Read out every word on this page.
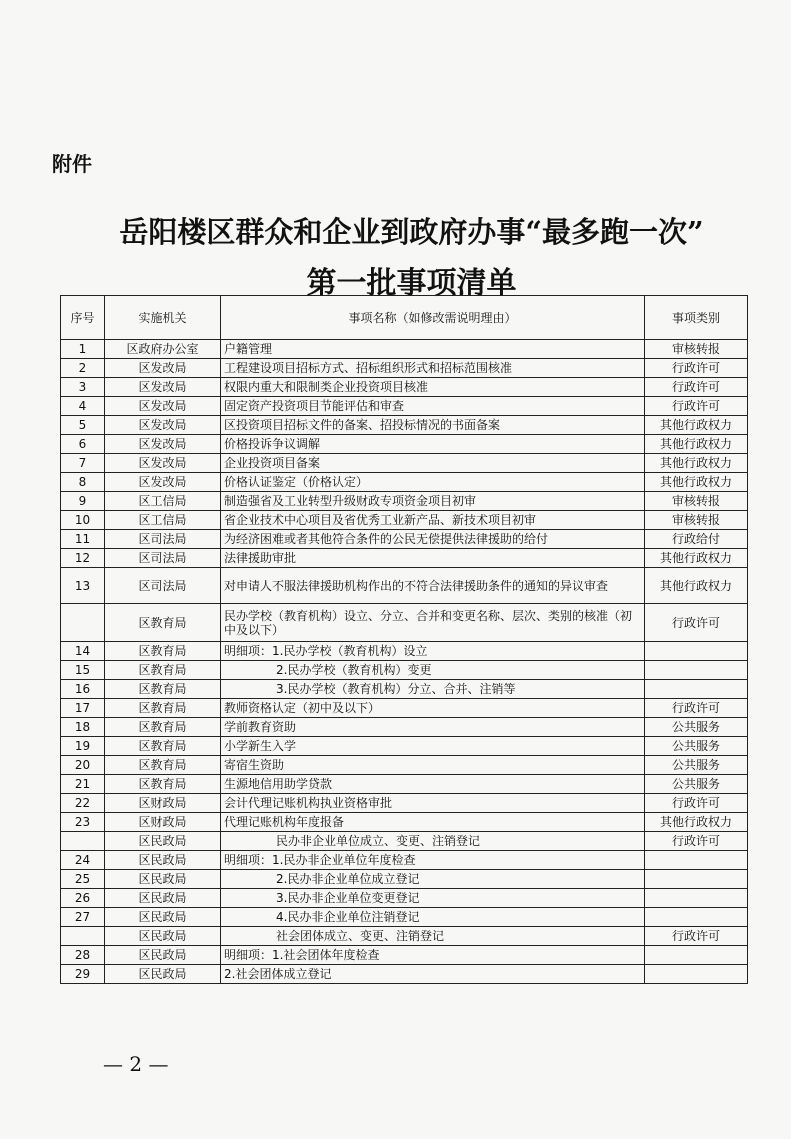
附件
岳阳楼区群众和企业到政府办事“最多跑一次”
第一批事项清单
序号	实施机关	事项名称（如修改需说明理由）	事项类别
1	区政府办公室	户籍管理	审核转报
2	区发改局	工程建设项目招标方式、招标组织形式和招标范围核准	行政许可
3	区发改局	权限内重大和限制类企业投资项目核准	行政许可
4	区发改局	固定资产投资项目节能评估和审查	行政许可
5	区发改局	区投资项目招标文件的备案、招投标情况的书面备案	其他行政权力
6	区发改局	价格投诉争议调解	其他行政权力
7	区发改局	企业投资项目备案	其他行政权力
8	区发改局	价格认证鉴定（价格认定）	其他行政权力
9	区工信局	制造强省及工业转型升级财政专项资金项目初审	审核转报
10	区工信局	省企业技术中心项目及省优秀工业新产品、新技术项目初审	审核转报
11	区司法局	为经济困难或者其他符合条件的公民无偿提供法律援助的给付	行政给付
12	区司法局	法律援助审批	其他行政权力
13	区司法局	对申请人不服法律援助机构作出的不符合法律援助条件的通知的异议审查	其他行政权力
	区教育局	民办学校（教育机构）设立、分立、合并和变更名称、层次、类别的核准（初中及以下）	行政许可
14	区教育局	明细项：1.民办学校（教育机构）设立	
15	区教育局	2.民办学校（教育机构）变更	
16	区教育局	3.民办学校（教育机构）分立、合并、注销等	
17	区教育局	教师资格认定（初中及以下）	行政许可
18	区教育局	学前教育资助	公共服务
19	区教育局	小学新生入学	公共服务
20	区教育局	寄宿生资助	公共服务
21	区教育局	生源地信用助学贷款	公共服务
22	区财政局	会计代理记账机构执业资格审批	行政许可
23	区财政局	代理记账机构年度报备	其他行政权力
	区民政局	民办非企业单位成立、变更、注销登记	行政许可
24	区民政局	明细项：1.民办非企业单位年度检查	
25	区民政局	2.民办非企业单位成立登记	
26	区民政局	3.民办非企业单位变更登记	
27	区民政局	4.民办非企业单位注销登记	
	区民政局	社会团体成立、变更、注销登记	行政许可
28	区民政局	明细项：1.社会团体年度检查	
29	区民政局	2.社会团体成立登记	
— 2 —
